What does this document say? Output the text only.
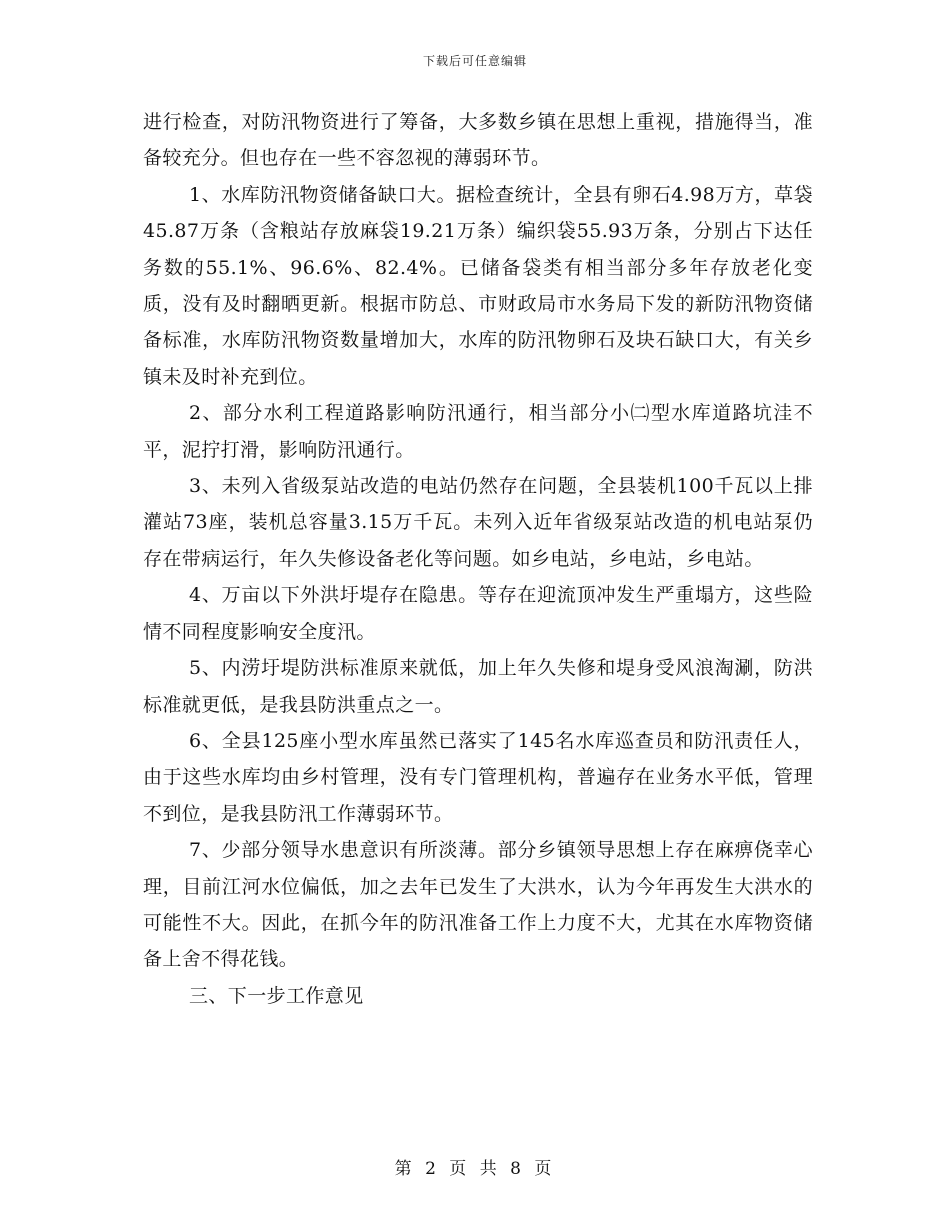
下载后可任意编辑

进行检查，对防汛物资进行了筹备，大多数乡镇在思想上重视，措施得当，准备较充分。但也存在一些不容忽视的薄弱环节。

1、水库防汛物资储备缺口大。据检查统计，全县有卵石4.98万方，草袋45.87万条（含粮站存放麻袋19.21万条）编织袋55.93万条，分别占下达任务数的55.1%、96.6%、82.4%。已储备袋类有相当部分多年存放老化变质，没有及时翻晒更新。根据市防总、市财政局市水务局下发的新防汛物资储备标准，水库防汛物资数量增加大，水库的防汛物卵石及块石缺口大，有关乡镇未及时补充到位。

2、部分水利工程道路影响防汛通行，相当部分小㈡型水库道路坑洼不平，泥拧打滑，影响防汛通行。

3、未列入省级泵站改造的电站仍然存在问题，全县装机100千瓦以上排灌站73座，装机总容量3.15万千瓦。未列入近年省级泵站改造的机电站泵仍存在带病运行，年久失修设备老化等问题。如乡电站，乡电站，乡电站。

4、万亩以下外洪圩堤存在隐患。等存在迎流顶冲发生严重塌方，这些险情不同程度影响安全度汛。

5、内涝圩堤防洪标准原来就低，加上年久失修和堤身受风浪淘涮，防洪标准就更低，是我县防洪重点之一。

6、全县125座小型水库虽然已落实了145名水库巡查员和防汛责任人，由于这些水库均由乡村管理，没有专门管理机构，普遍存在业务水平低，管理不到位，是我县防汛工作薄弱环节。

7、少部分领导水患意识有所淡薄。部分乡镇领导思想上存在麻痹侥幸心理，目前江河水位偏低，加之去年已发生了大洪水，认为今年再发生大洪水的可能性不大。因此，在抓今年的防汛准备工作上力度不大，尤其在水库物资储备上舍不得花钱。

三、下一步工作意见

第 2 页 共 8 页
